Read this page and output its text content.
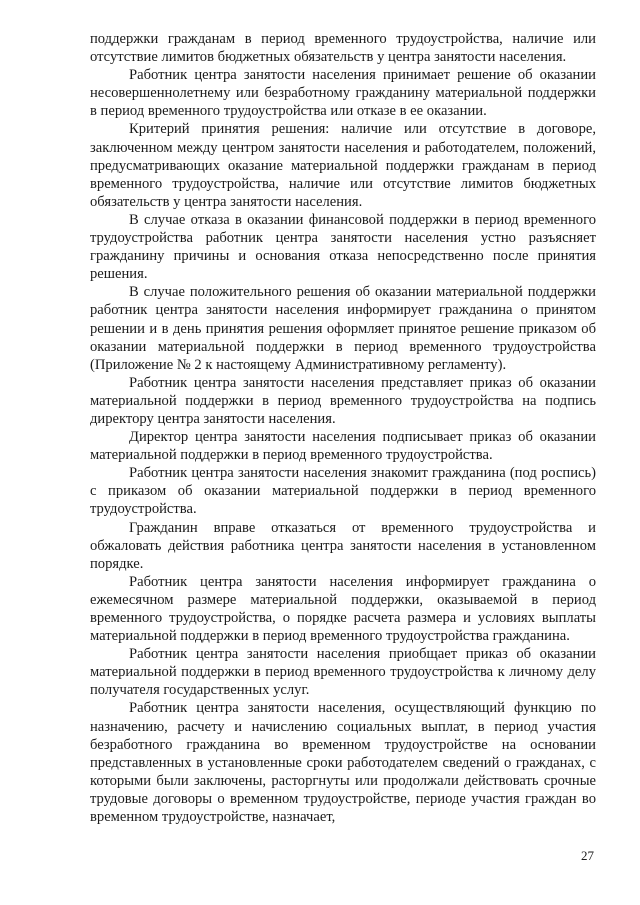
поддержки гражданам в период временного трудоустройства, наличие или отсутствие лимитов бюджетных обязательств у центра занятости населения.

Работник центра занятости населения принимает решение об оказании несовершеннолетнему или безработному гражданину материальной поддержки в период временного трудоустройства или отказе в ее оказании.

Критерий принятия решения: наличие или отсутствие в договоре, заключенном между центром занятости населения и работодателем, положений, предусматривающих оказание материальной поддержки гражданам в период временного трудоустройства, наличие или отсутствие лимитов бюджетных обязательств у центра занятости населения.

В случае отказа в оказании финансовой поддержки в период временного трудоустройства работник центра занятости населения устно разъясняет гражданину причины и основания отказа непосредственно после принятия решения.

В случае положительного решения об оказании материальной поддержки работник центра занятости населения информирует гражданина о принятом решении и в день принятия решения оформляет принятое решение приказом об оказании материальной поддержки в период временного трудоустройства (Приложение № 2 к настоящему Административному регламенту).

Работник центра занятости населения представляет приказ об оказании материальной поддержки в период временного трудоустройства на подпись директору центра занятости населения.

Директор центра занятости населения подписывает приказ об оказании материальной поддержки в период временного трудоустройства.

Работник центра занятости населения знакомит гражданина (под роспись) с приказом об оказании материальной поддержки в период временного трудоустройства.

Гражданин вправе отказаться от временного трудоустройства и обжаловать действия работника центра занятости населения в установленном порядке.

Работник центра занятости населения информирует гражданина о ежемесячном размере материальной поддержки, оказываемой в период временного трудоустройства, о порядке расчета размера и условиях выплаты материальной поддержки в период временного трудоустройства гражданина.

Работник центра занятости населения приобщает приказ об оказании материальной поддержки в период временного трудоустройства к личному делу получателя государственных услуг.

Работник центра занятости населения, осуществляющий функцию по назначению, расчету и начислению социальных выплат, в период участия безработного гражданина во временном трудоустройстве на основании представленных в установленные сроки работодателем сведений о гражданах, с которыми были заключены, расторгнуты или продолжали действовать срочные трудовые договоры о временном трудоустройстве, периоде участия граждан во временном трудоустройстве, назначает,

27
